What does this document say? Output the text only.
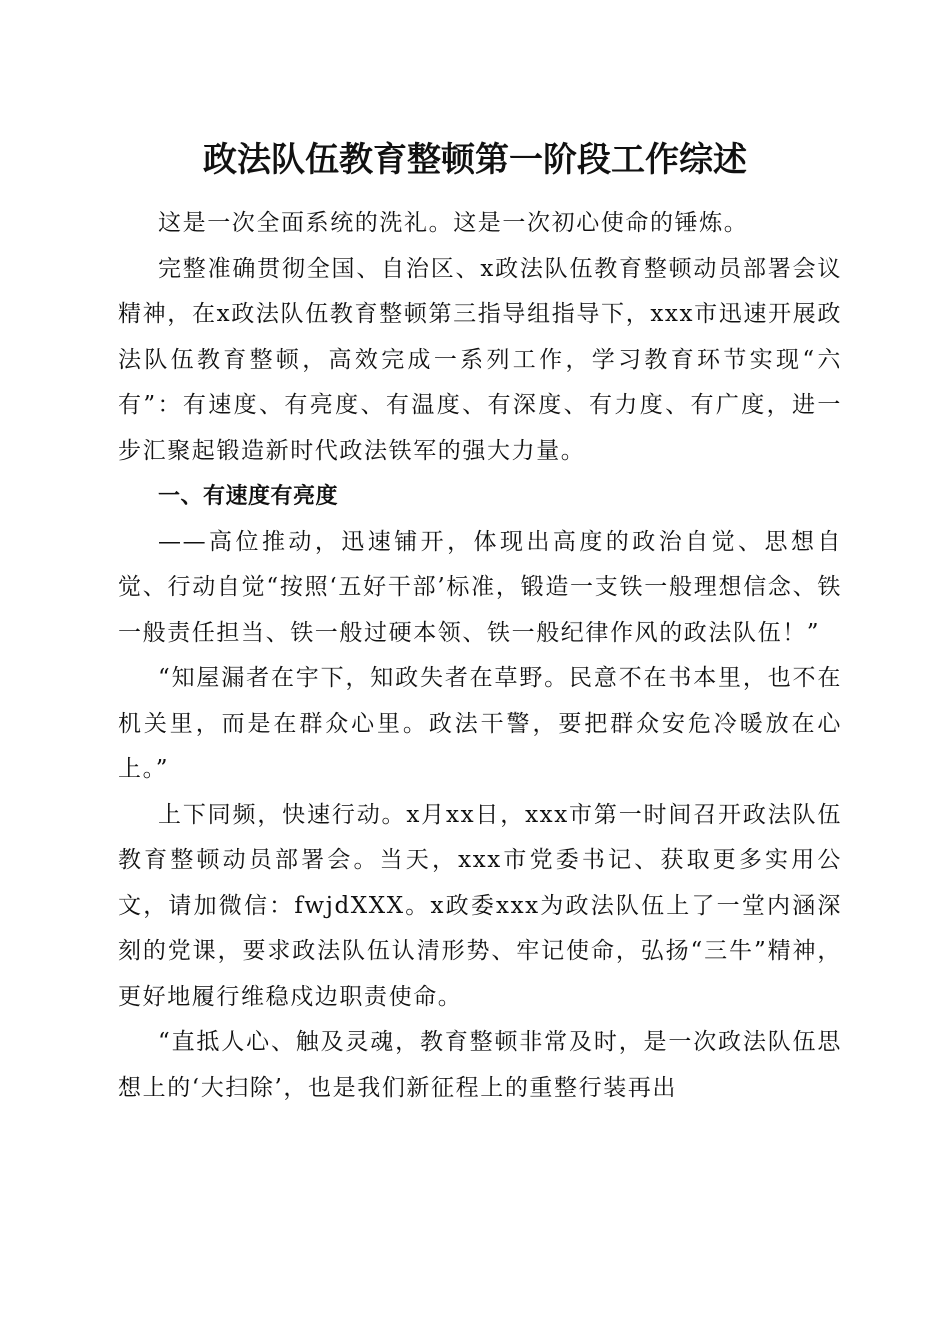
政法队伍教育整顿第一阶段工作综述

这是一次全面系统的洗礼。这是一次初心使命的锤炼。

完整准确贯彻全国、自治区、x政法队伍教育整顿动员部署会议精神，在x政法队伍教育整顿第三指导组指导下，xxx市迅速开展政法队伍教育整顿，高效完成一系列工作，学习教育环节实现“六有”：有速度、有亮度、有温度、有深度、有力度、有广度，进一步汇聚起锻造新时代政法铁军的强大力量。

一、有速度有亮度

——高位推动，迅速铺开，体现出高度的政治自觉、思想自觉、行动自觉“按照‘五好干部’标准，锻造一支铁一般理想信念、铁一般责任担当、铁一般过硬本领、铁一般纪律作风的政法队伍！”

“知屋漏者在宇下，知政失者在草野。民意不在书本里，也不在机关里，而是在群众心里。政法干警，要把群众安危冷暖放在心上。”

上下同频，快速行动。x月xx日，xxx市第一时间召开政法队伍教育整顿动员部署会。当天，xxx市党委书记、获取更多实用公文，请加微信：fwjdXXX。x政委xxx为政法队伍上了一堂内涵深刻的党课，要求政法队伍认清形势、牢记使命，弘扬“三牛”精神，更好地履行维稳戍边职责使命。

“直抵人心、触及灵魂，教育整顿非常及时，是一次政法队伍思想上的‘大扫除’，也是我们新征程上的重整行装再出
